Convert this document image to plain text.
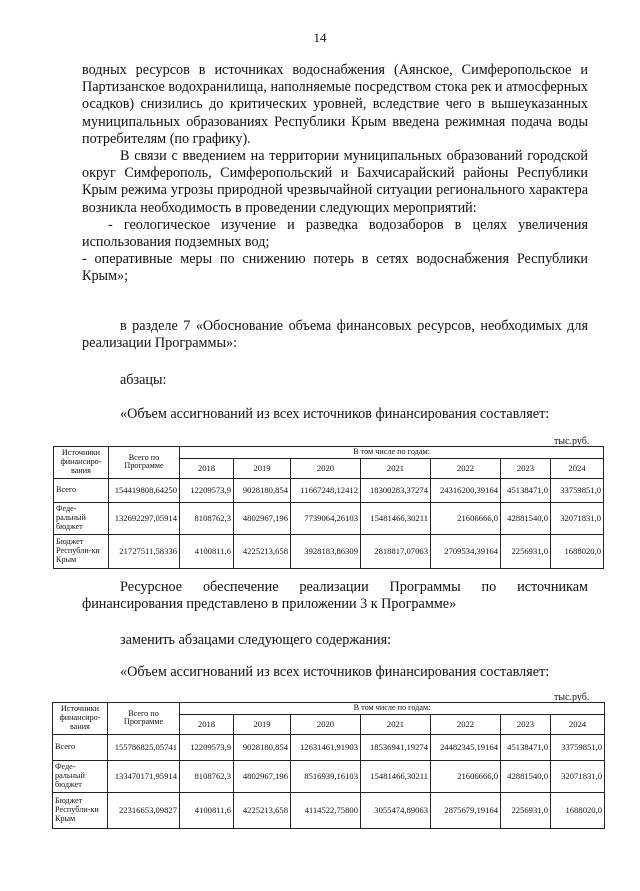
14

водных ресурсов в источниках водоснабжения (Аянское, Симферопольское и Партизанское водохранилища, наполняемые посредством стока рек и атмосферных осадков) снизились до критических уровней, вследствие чего в вышеуказанных муниципальных образованиях Республики Крым введена режимная подача воды потребителям (по графику).

В связи с введением на территории муниципальных образований городской округ Симферополь, Симферопольский и Бахчисарайский районы Республики Крым режима угрозы природной чрезвычайной ситуации регионального характера возникла необходимость в проведении следующих мероприятий:

- геологическое изучение и разведка водозаборов в целях увеличения использования подземных вод;

- оперативные меры по снижению потерь в сетях водоснабжения Республики Крым»;

в разделе 7 «Обоснование объема финансовых ресурсов, необходимых для реализации Программы»:

абзацы:

«Объем ассигнований из всех источников финансирования составляет:

тыс.руб.
Источники финансиро-вания	Всего по Программе	В том числе по годам:						
		2018	2019	2020	2021	2022	2023	2024
Всего	154419808,64250	12209573,9	9028180,854	11667248,12412	18300283,37274	24316200,39164	45138471,0	33759851,0
Феде-ральный бюджет	132692297,05914	8108762,3	4802967,196	7739064,26103	15481466,30211	21606666,0	42881540,0	32071831,0
Бюджет Республи-ки Крым	21727511,58336	4100811,6	4225213,658	3928183,86309	2818817,07063	2709534,39164	2256931,0	1688020,0

Ресурсное обеспечение реализации Программы по источникам финансирования представлено в приложении 3 к Программе»

заменить абзацами следующего содержания:

«Объем ассигнований из всех источников финансирования составляет:

тыс.руб.
Источники финансиро-вания	Всего по Программе	В том числе по годам:						
		2018	2019	2020	2021	2022	2023	2024
Всего	155786825,05741	12209573,9	9028180,854	12631461,91903	18536941,19274	24482345,19164	45138471,0	33759851,0
Феде-ральный бюджет	133470171,95914	8108762,3	4802967,196	8516939,16103	15481466,30211	21606666,0	42881540,0	32071831,0
Бюджет Республи-ки Крым	22316653,09827	4100811,6	4225213,658	4114522,75800	3055474,89063	2875679,19164	2256931,0	1688020,0
